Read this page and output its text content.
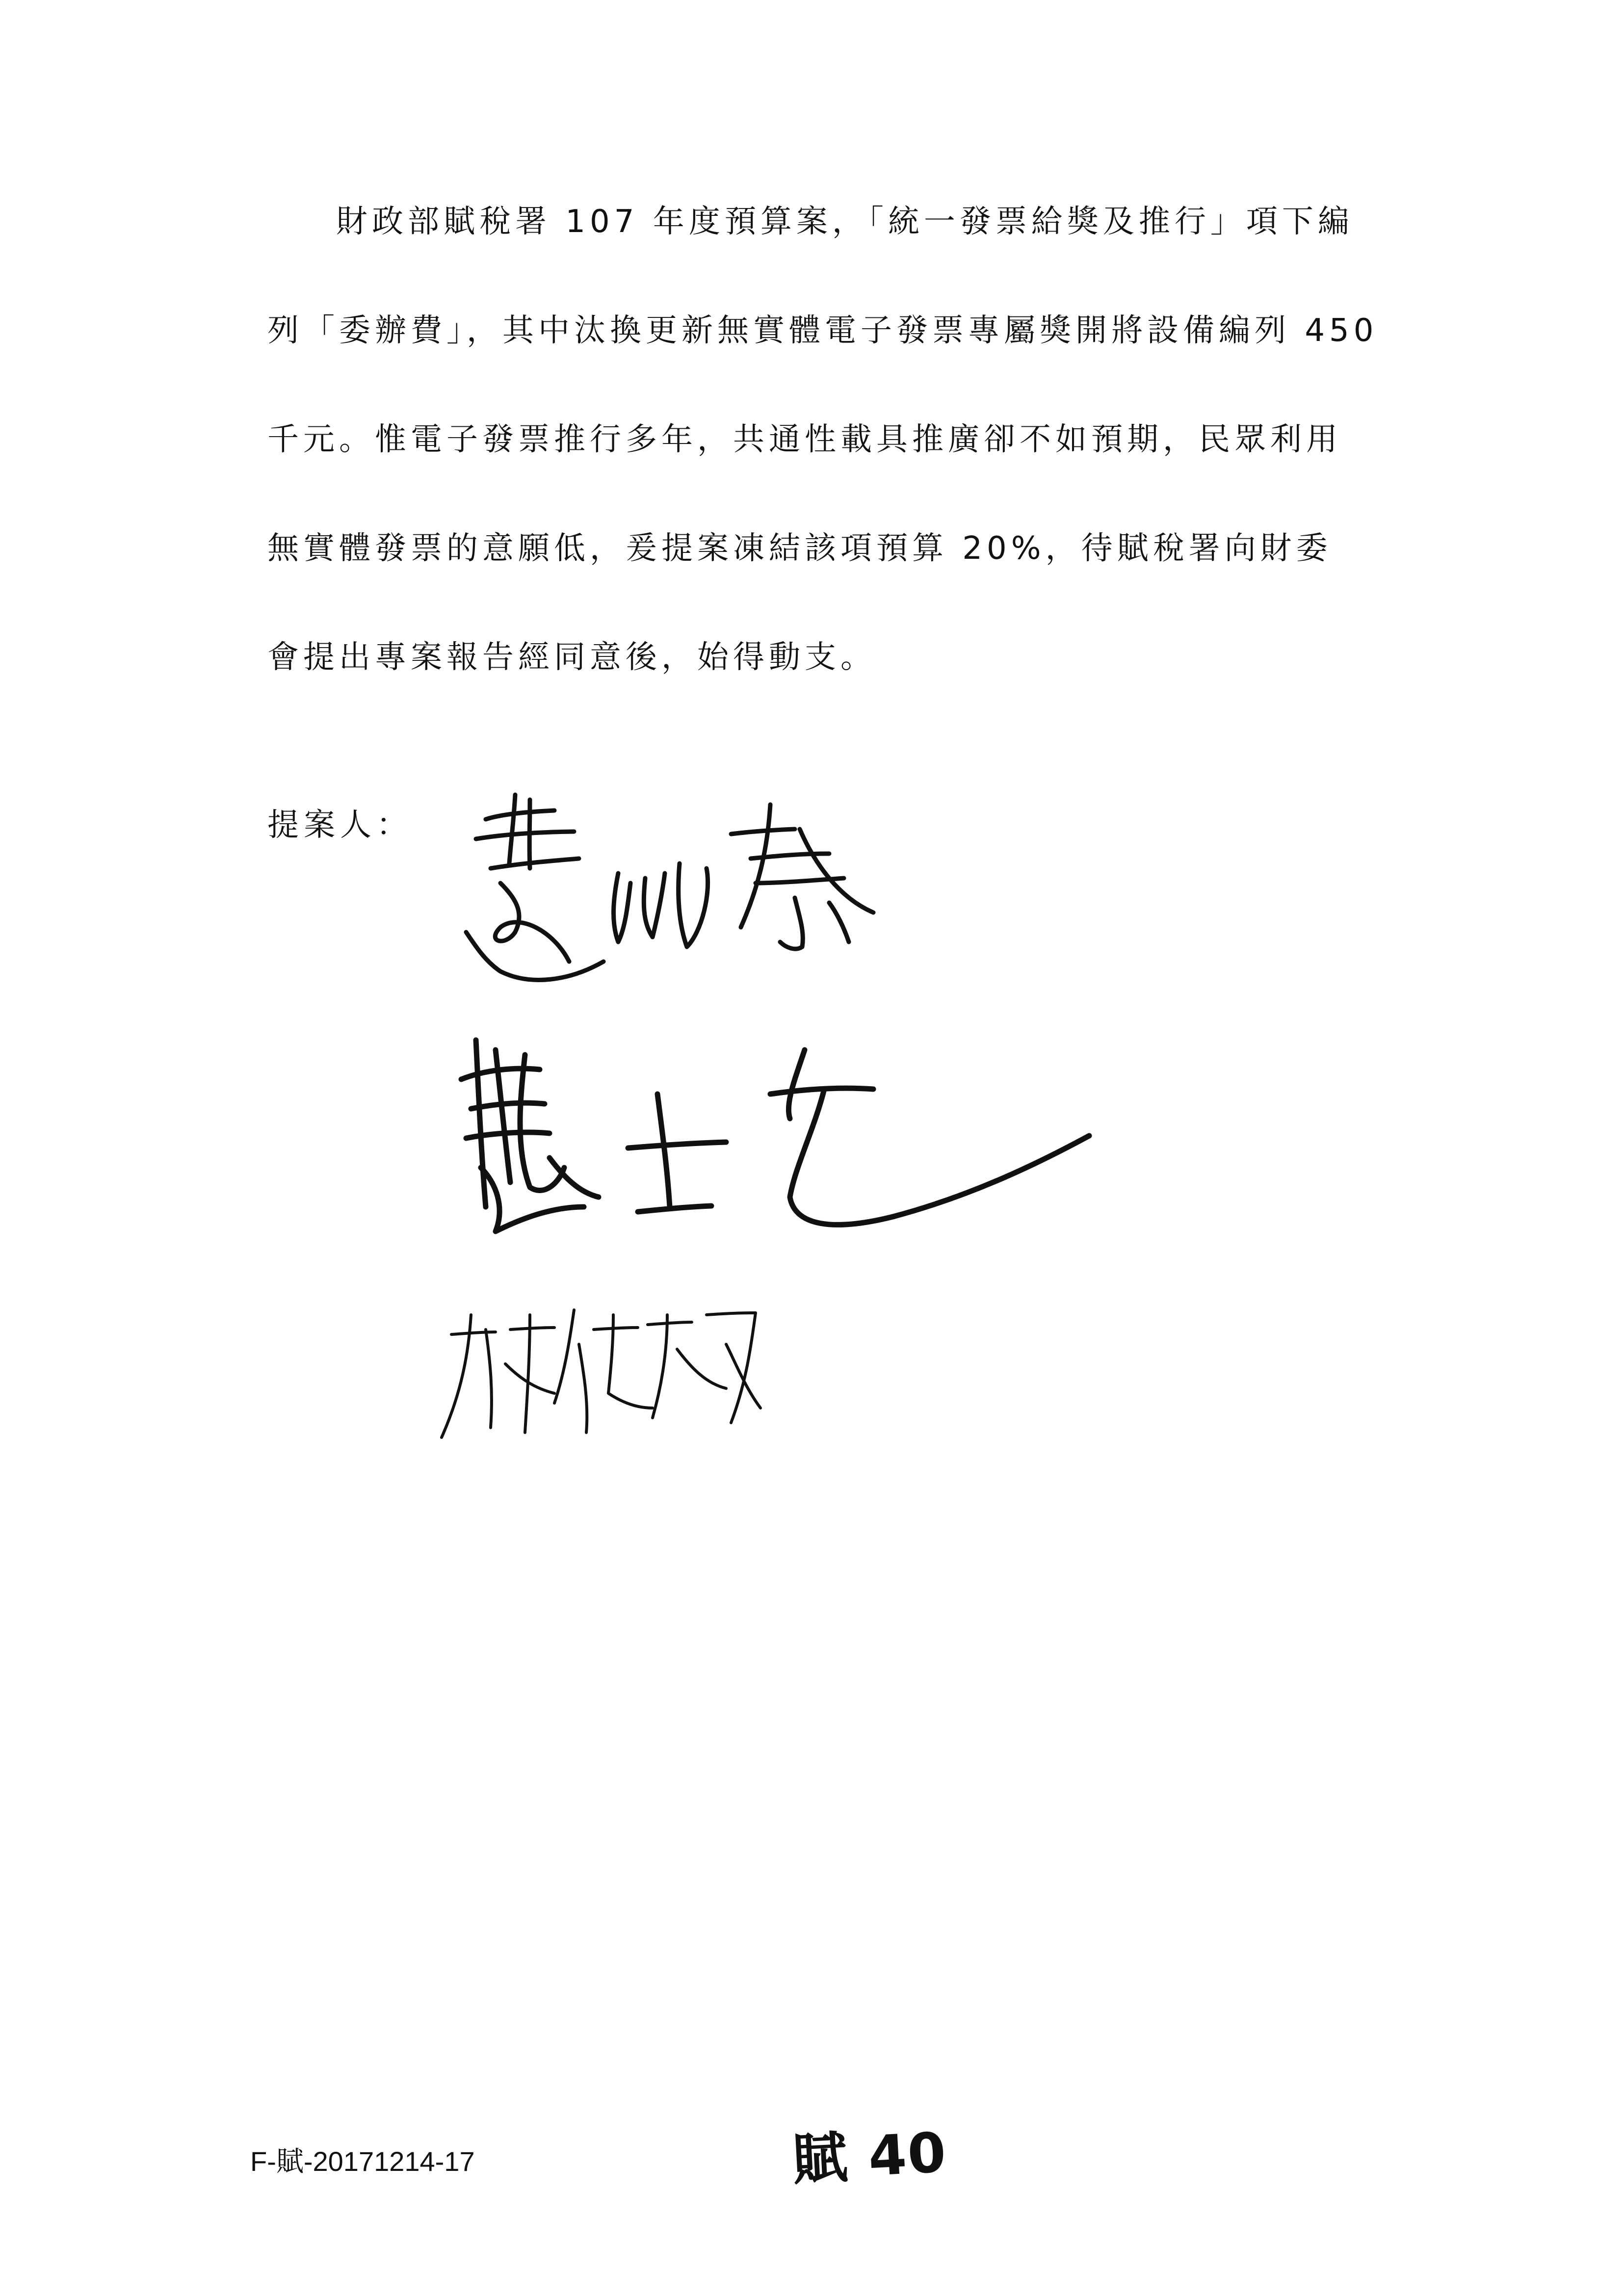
財政部賦稅署 107 年度預算案，「統一發票給獎及推行」項下編
列「委辦費」，其中汰換更新無實體電子發票專屬獎開將設備編列 450
千元。惟電子發票推行多年，共通性載具推廣卻不如預期，民眾利用
無實體發票的意願低，爰提案凍結該項預算 20%，待賦稅署向財委
會提出專案報告經同意後，始得動支。
提案人：
F-賦-20171214-17	賦 40
